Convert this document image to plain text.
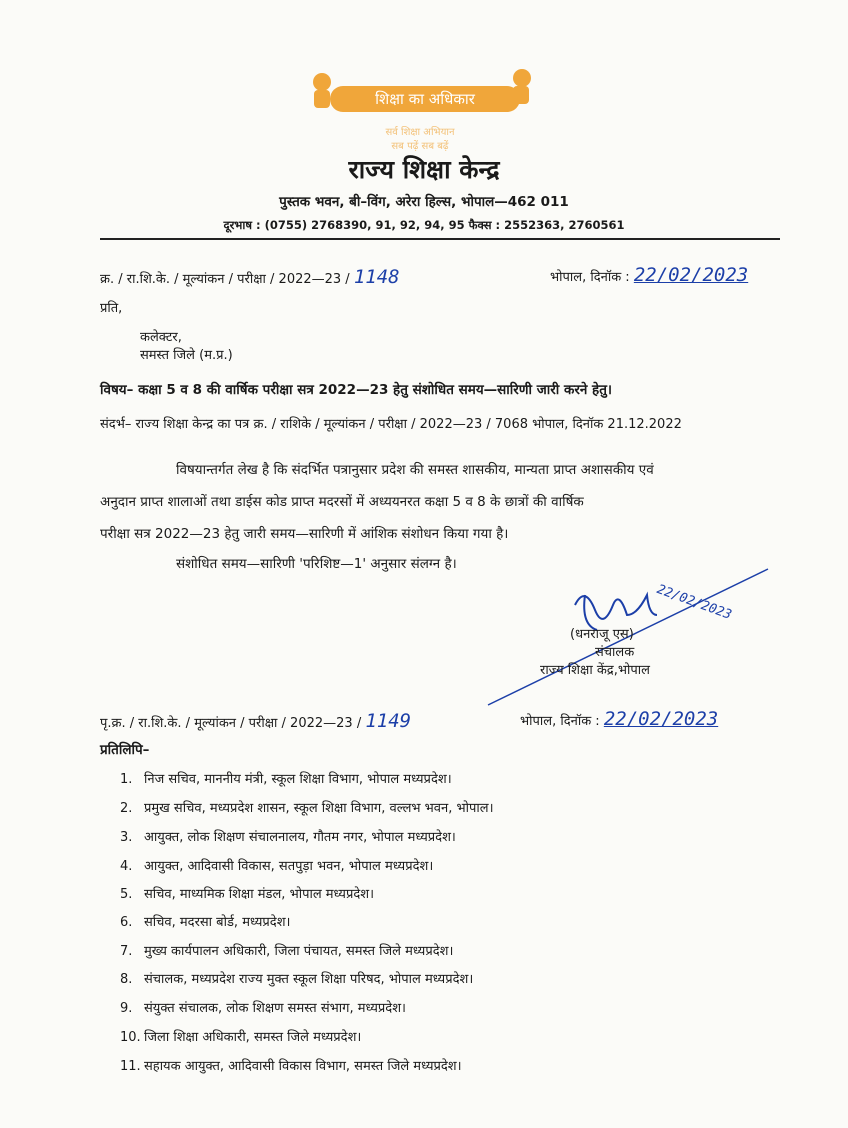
शिक्षा का अधिकार
सर्व शिक्षा अभियान
सब पढ़ें सब बढ़ें
राज्य शिक्षा केन्द्र
पुस्तक भवन, बी–विंग, अरेरा हिल्स, भोपाल—462 011
दूरभाष : (0755) 2768390, 91, 92, 94, 95 फैक्स : 2552363, 2760561
क्र. / रा.शि.के. / मूल्यांकन / परीक्षा / 2022—23 / 1148	भोपाल, दिनॉक : 22/02/2023
प्रति,
कलेक्टर,
समस्त जिले (म.प्र.)
विषय– कक्षा 5 व 8 की वार्षिक परीक्षा सत्र 2022—23 हेतु संशोधित समय—सारिणी जारी करने हेतु।
संदर्भ– राज्य शिक्षा केन्द्र का पत्र क्र. / राशिके / मूल्यांकन / परीक्षा / 2022—23 / 7068 भोपाल, दिनॉक 21.12.2022
विषयान्तर्गत लेख है कि संदर्भित पत्रानुसार प्रदेश की समस्त शासकीय, मान्यता प्राप्त अशासकीय एवं
अनुदान प्राप्त शालाओं तथा डाईस कोड प्राप्त मदरसों में अध्ययनरत कक्षा 5 व 8 के छात्रों की वार्षिक
परीक्षा सत्र 2022—23 हेतु जारी समय—सारिणी में आंशिक संशोधन किया गया है।
संशोधित समय—सारिणी 'परिशिष्ट—1' अनुसार संलग्न है।
22/02/2023
(धनराजू एस)
संचालक
राज्य शिक्षा केंद्र,भोपाल
पृ.क्र. / रा.शि.के. / मूल्यांकन / परीक्षा / 2022—23 / 1149	भोपाल, दिनॉक : 22/02/2023
प्रतिलिपि–
1. निज सचिव, माननीय मंत्री, स्कूल शिक्षा विभाग, भोपाल मध्यप्रदेश।
2. प्रमुख सचिव, मध्यप्रदेश शासन, स्कूल शिक्षा विभाग, वल्लभ भवन, भोपाल।
3. आयुक्त, लोक शिक्षण संचालनालय, गौतम नगर, भोपाल मध्यप्रदेश।
4. आयुक्त, आदिवासी विकास, सतपुड़ा भवन, भोपाल मध्यप्रदेश।
5. सचिव, माध्यमिक शिक्षा मंडल, भोपाल मध्यप्रदेश।
6. सचिव, मदरसा बोर्ड, मध्यप्रदेश।
7. मुख्य कार्यपालन अधिकारी, जिला पंचायत, समस्त जिले मध्यप्रदेश।
8. संचालक, मध्यप्रदेश राज्य मुक्त स्कूल शिक्षा परिषद, भोपाल मध्यप्रदेश।
9. संयुक्त संचालक, लोक शिक्षण समस्त संभाग, मध्यप्रदेश।
10. जिला शिक्षा अधिकारी, समस्त जिले मध्यप्रदेश।
11. सहायक आयुक्त, आदिवासी विकास विभाग, समस्त जिले मध्यप्रदेश।
